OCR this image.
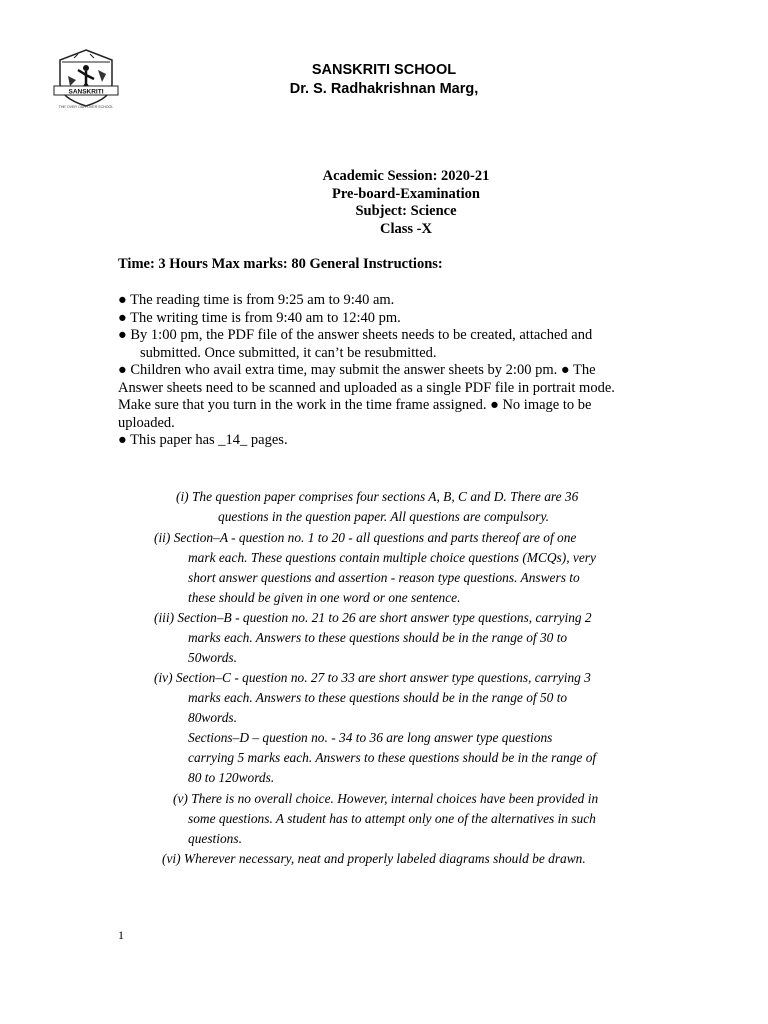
SANSKRITI
THE OVER OUR OVER SCHOOL
SANSKRITI SCHOOL
Dr. S. Radhakrishnan Marg,
Academic Session: 2020-21
Pre-board-Examination
Subject: Science
Class -X
Time: 3 Hours Max marks: 80 General Instructions:
● The reading time is from 9:25 am to 9:40 am.
● The writing time is from 9:40 am to 12:40 pm.
● By 1:00 pm, the PDF file of the answer sheets needs to be created, attached and
submitted. Once submitted, it can’t be resubmitted.
● Children who avail extra time, may submit the answer sheets by 2:00 pm. ● The
Answer sheets need to be scanned and uploaded as a single PDF file in portrait mode.
Make sure that you turn in the work in the time frame assigned. ● No image to be
uploaded.
● This paper has _14_ pages.
(i) The question paper comprises four sections A, B, C and D. There are 36
questions in the question paper. All questions are compulsory.
(ii) Section–A - question no. 1 to 20 - all questions and parts thereof are of one
mark each. These questions contain multiple choice questions (MCQs), very
short answer questions and assertion - reason type questions. Answers to
these should be given in one word or one sentence.
(iii) Section–B - question no. 21 to 26 are short answer type questions, carrying 2
marks each. Answers to these questions should be in the range of 30 to
50words.
(iv) Section–C - question no. 27 to 33 are short answer type questions, carrying 3
marks each. Answers to these questions should be in the range of 50 to
80words.
Sections–D – question no. - 34 to 36 are long answer type questions
carrying 5 marks each. Answers to these questions should be in the range of
80 to 120words.
(v) There is no overall choice. However, internal choices have been provided in
some questions. A student has to attempt only one of the alternatives in such
questions.
(vi) Wherever necessary, neat and properly labeled diagrams should be drawn.
1
